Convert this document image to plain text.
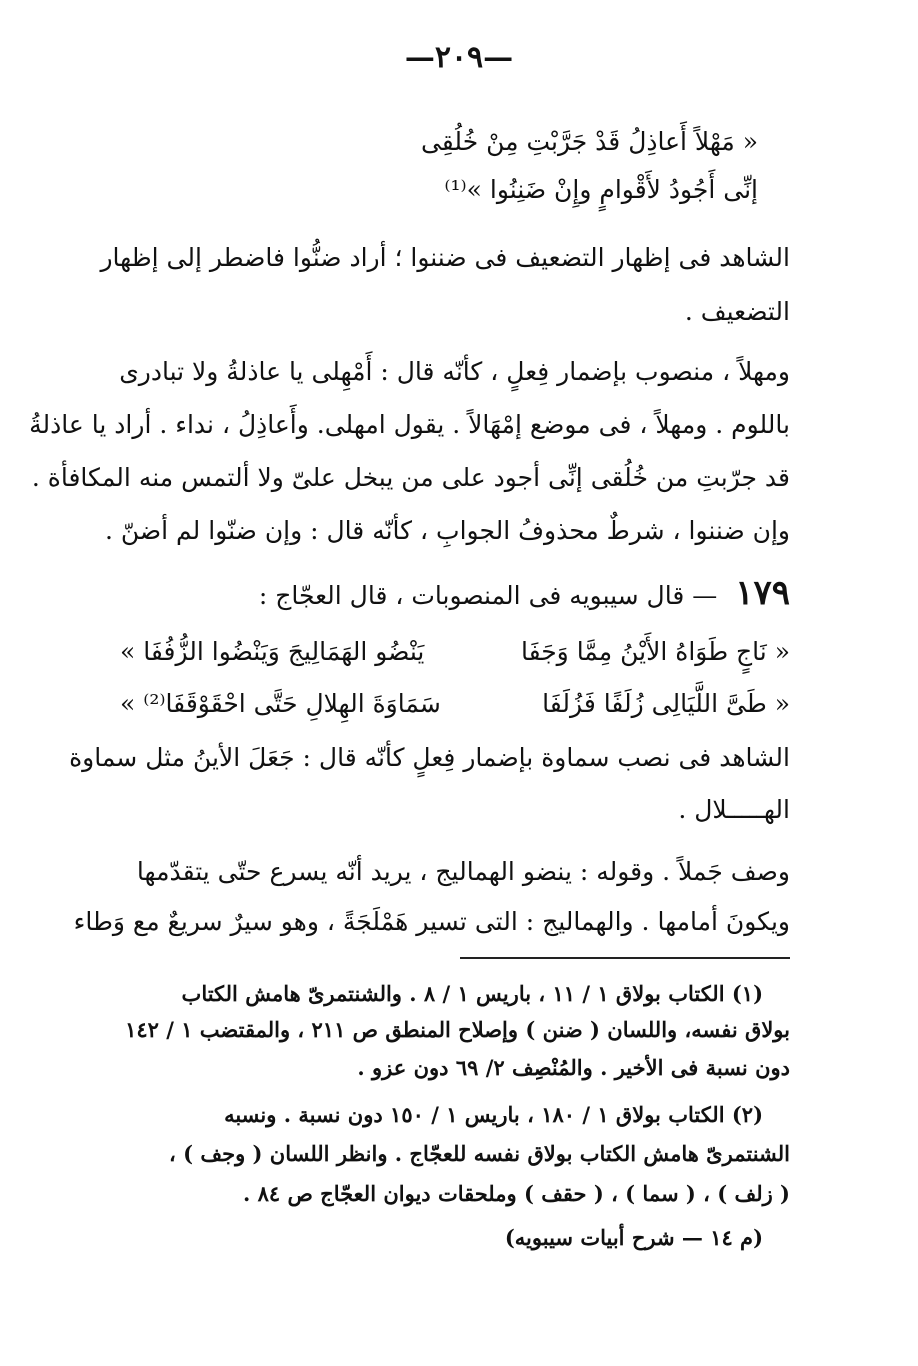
—٢٠٩—
« مَهْلاً أَعاذِلُ قَدْ جَرَّبْتِ مِنْ خُلُقِى
إنِّى أَجُودُ لأَقْوامٍ وإِنْ ضَنِنُوا »⁽¹⁾
الشاهد فى إظهار التضعيف فى ضننوا ؛ أراد ضنُّوا فاضطر إلى إظهار
التضعيف .
ومهلاً ، منصوب بإضمار فِعلٍ ، كأنّه قال : أَمْهِلى يا عاذلةُ ولا تبادرى
باللوم . ومهلاً ، فى موضع إمْهَالاً . يقول امهلى. وأَعاذِلُ ، نداء . أراد يا عاذلةُ
قد جرّبتِ من خُلُقى إنِّى أجود على من يبخل علىّ ولا ألتمس منه المكافأة .
وإن ضننوا ، شرطٌ محذوفُ الجوابِ ، كأنّه قال : وإن ضنّوا لم أضنّ .
١٧٩ — قال سيبويه فى المنصوبات ، قال العجّاج :
« نَاجٍ طَوَاهُ الأَيْنُ مِمَّا وَجَفَا
يَنْضُو الهَمَالِيجَ وَيَنْضُوا الزُّفُفَا »
« طَىَّ اللَّيَالِى زُلَفًا فَزُلَفَا
سَمَاوَةَ الهِلالِ حَتَّى احْقَوْقَفَا⁽²⁾ »
الشاهد فى نصب سماوة بإضمار فِعلٍ كأنّه قال : جَعَلَ الأينُ مثل سماوة
الهـــــلال .
وصف جَملاً . وقوله : ينضو الهماليج ، يريد أنّه يسرع حتّى يتقدّمها
ويكونَ أمامها . والهماليج : التى تسير هَمْلَجَةً ، وهو سيرٌ سريعٌ مع وَطاء
(١) الكتاب بولاق ١ / ١١ ، باريس ١ / ٨ . والشنتمرىّ هامش الكتاب
بولاق نفسه، واللسان ( ضنن ) وإصلاح المنطق ص ٢١١ ، والمقتضب ١ / ١٤٢
دون نسبة فى الأخير . والمُنْصِف ٢/ ٦٩ دون عزو .
(٢) الكتاب بولاق ١ / ١٨٠ ، باريس ١ / ١٥٠ دون نسبة . ونسبه
الشنتمرىّ هامش الكتاب بولاق نفسه للعجّاج . وانظر اللسان ( وجف ) ،
( زلف ) ، ( سما ) ، ( حقف ) وملحقات ديوان العجّاج ص ٨٤ .
(م ١٤ — شرح أبيات سيبويه)
